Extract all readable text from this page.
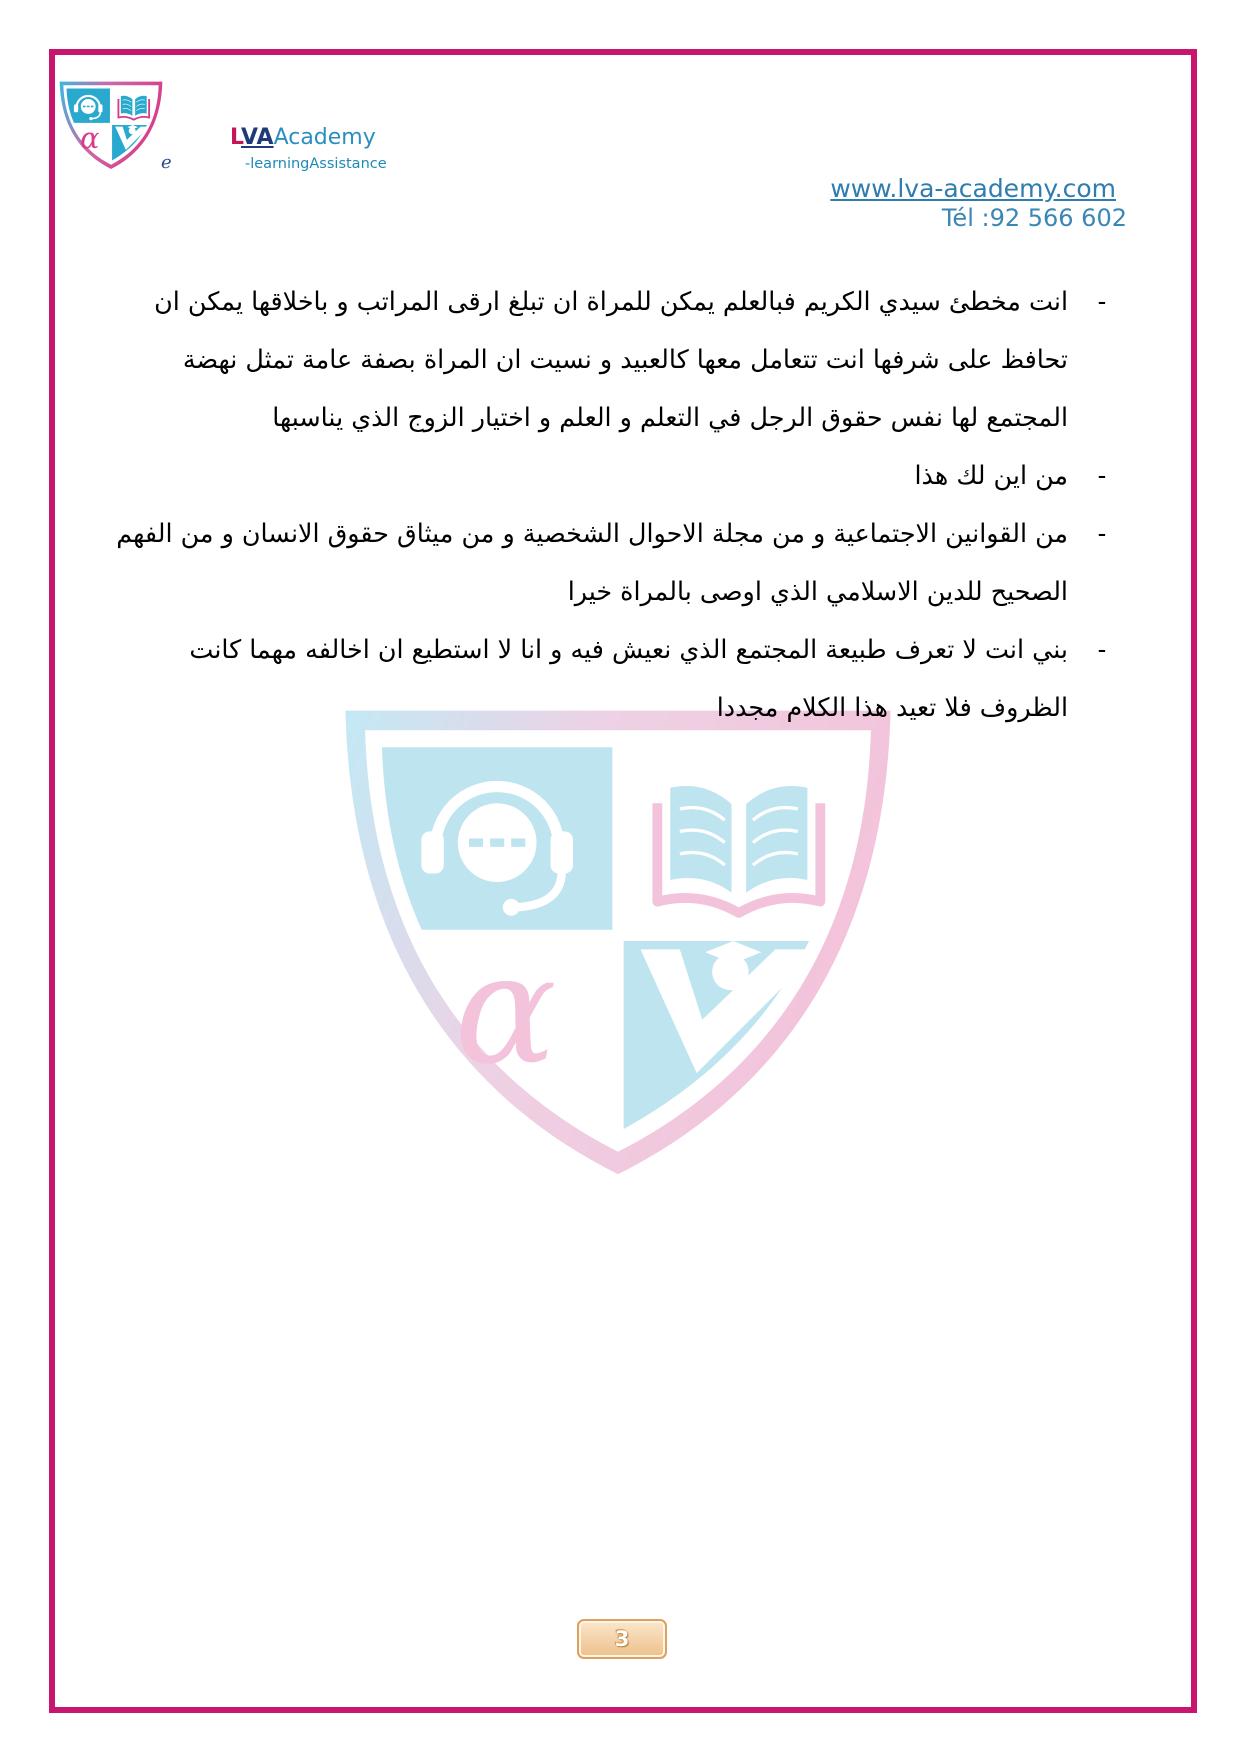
e
LVAAcademy
-learningAssistance
www.lva-academy.com
Tél :92 566 602
-
انت مخطئ سيدي الكريم فبالعلم يمكن للمراة ان تبلغ ارقى المراتب و باخلاقها يمكن ان
تحافظ على شرفها انت تتعامل معها كالعبيد و نسيت ان المراة بصفة عامة تمثل نهضة
المجتمع لها نفس حقوق الرجل في التعلم و العلم و اختيار الزوج الذي يناسبها
-
من اين لك هذا
-
من القوانين الاجتماعية و من مجلة الاحوال الشخصية و من ميثاق حقوق الانسان و من الفهم
الصحيح للدين الاسلامي الذي اوصى بالمراة خيرا
-
بني انت لا تعرف طبيعة المجتمع الذي نعيش فيه و انا لا استطيع ان اخالفه مهما كانت
الظروف فلا تعيد هذا الكلام مجددا
3
